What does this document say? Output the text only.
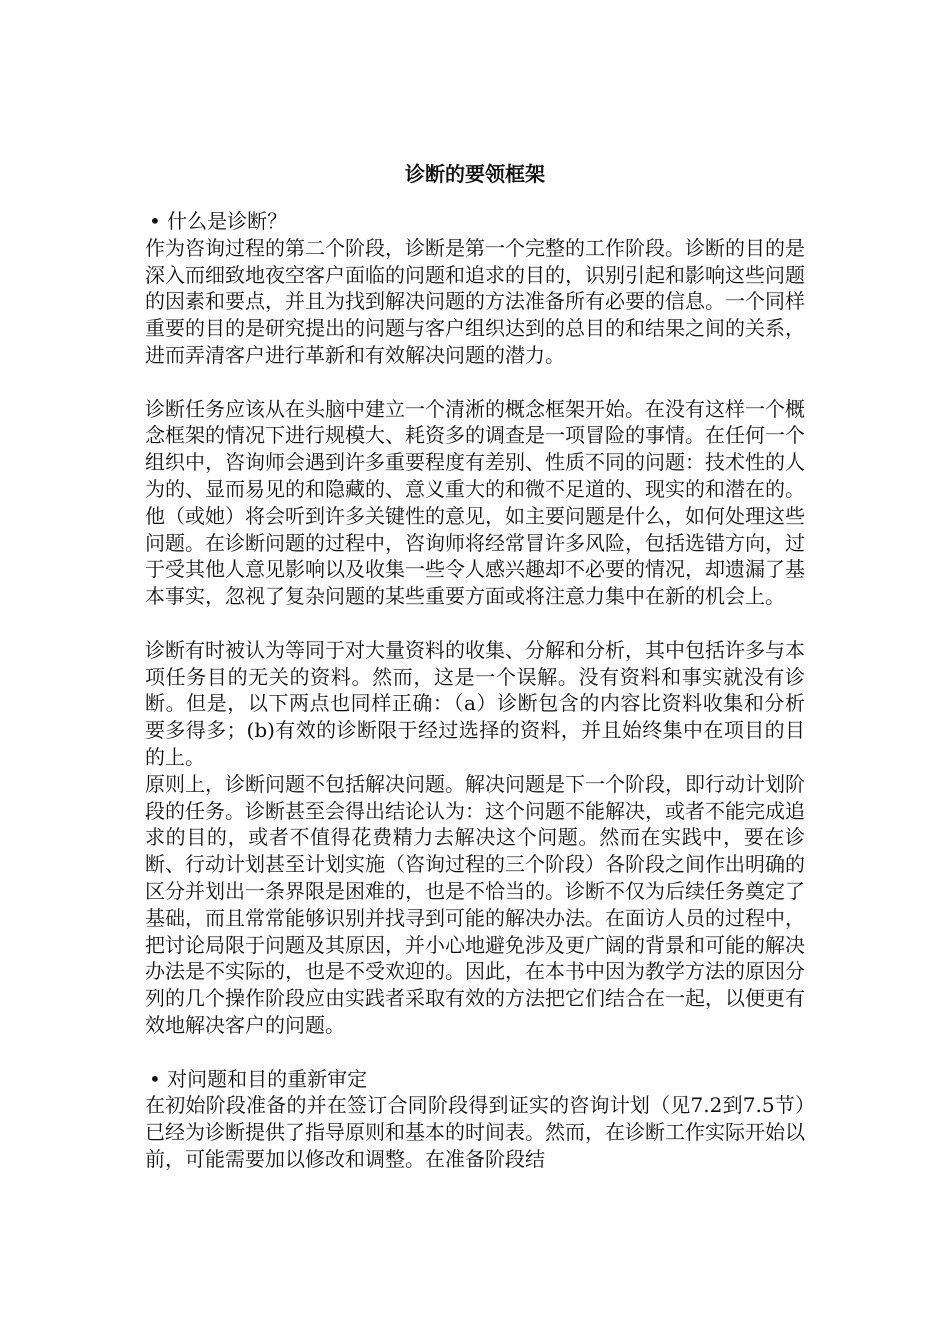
诊断的要领框架

• 什么是诊断？

作为咨询过程的第二个阶段，诊断是第一个完整的工作阶段。诊断的目的是深入而细致地夜空客户面临的问题和追求的目的，识别引起和影响这些问题的因素和要点，并且为找到解决问题的方法准备所有必要的信息。一个同样重要的目的是研究提出的问题与客户组织达到的总目的和结果之间的关系，进而弄清客户进行革新和有效解决问题的潜力。

诊断任务应该从在头脑中建立一个清淅的概念框架开始。在没有这样一个概念框架的情况下进行规模大、耗资多的调查是一项冒险的事情。在任何一个组织中，咨询师会遇到许多重要程度有差别、性质不同的问题：技术性的人为的、显而易见的和隐藏的、意义重大的和微不足道的、现实的和潜在的。他（或她）将会听到许多关键性的意见，如主要问题是什么，如何处理这些问题。在诊断问题的过程中，咨询师将经常冒许多风险，包括选错方向，过于受其他人意见影响以及收集一些令人感兴趣却不必要的情况，却遗漏了基本事实，忽视了复杂问题的某些重要方面或将注意力集中在新的机会上。

诊断有时被认为等同于对大量资料的收集、分解和分析，其中包括许多与本项任务目的无关的资料。然而，这是一个误解。没有资料和事实就没有诊断。但是，以下两点也同样正确：（a）诊断包含的内容比资料收集和分析要多得多；(b)有效的诊断限于经过选择的资料，并且始终集中在项目的目的上。

原则上，诊断问题不包括解决问题。解决问题是下一个阶段，即行动计划阶段的任务。诊断甚至会得出结论认为：这个问题不能解决，或者不能完成追求的目的，或者不值得花费精力去解决这个问题。然而在实践中，要在诊断、行动计划甚至计划实施（咨询过程的三个阶段）各阶段之间作出明确的区分并划出一条界限是困难的，也是不恰当的。诊断不仅为后续任务奠定了基础，而且常常能够识别并找寻到可能的解决办法。在面访人员的过程中，把讨论局限于问题及其原因，并小心地避免涉及更广阔的背景和可能的解决办法是不实际的，也是不受欢迎的。因此，在本书中因为教学方法的原因分列的几个操作阶段应由实践者采取有效的方法把它们结合在一起，以便更有效地解决客户的问题。

• 对问题和目的重新审定

在初始阶段准备的并在签订合同阶段得到证实的咨询计划（见7.2到7.5节）已经为诊断提供了指导原则和基本的时间表。然而，在诊断工作实际开始以前，可能需要加以修改和调整。在准备阶段结
